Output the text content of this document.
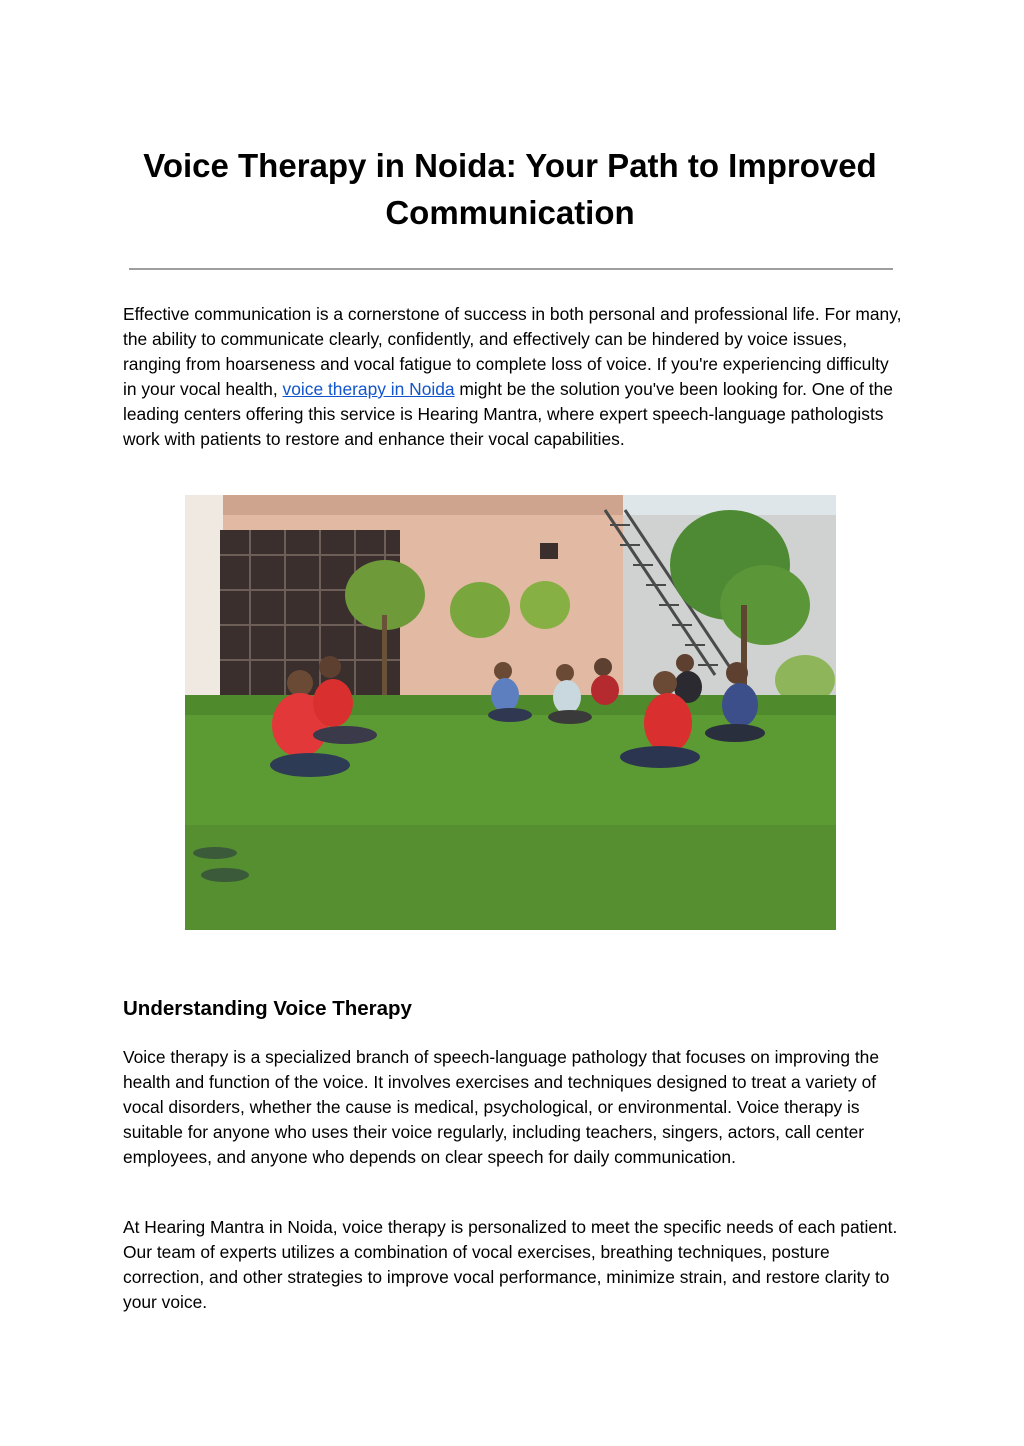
Voice Therapy in Noida: Your Path to Improved Communication

Effective communication is a cornerstone of success in both personal and professional life. For many, the ability to communicate clearly, confidently, and effectively can be hindered by voice issues, ranging from hoarseness and vocal fatigue to complete loss of voice. If you're experiencing difficulty in your vocal health, voice therapy in Noida might be the solution you've been looking for. One of the leading centers offering this service is Hearing Mantra, where expert speech-language pathologists work with patients to restore and enhance their vocal capabilities.

Understanding Voice Therapy

Voice therapy is a specialized branch of speech-language pathology that focuses on improving the health and function of the voice. It involves exercises and techniques designed to treat a variety of vocal disorders, whether the cause is medical, psychological, or environmental. Voice therapy is suitable for anyone who uses their voice regularly, including teachers, singers, actors, call center employees, and anyone who depends on clear speech for daily communication.

At Hearing Mantra in Noida, voice therapy is personalized to meet the specific needs of each patient. Our team of experts utilizes a combination of vocal exercises, breathing techniques, posture correction, and other strategies to improve vocal performance, minimize strain, and restore clarity to your voice.
